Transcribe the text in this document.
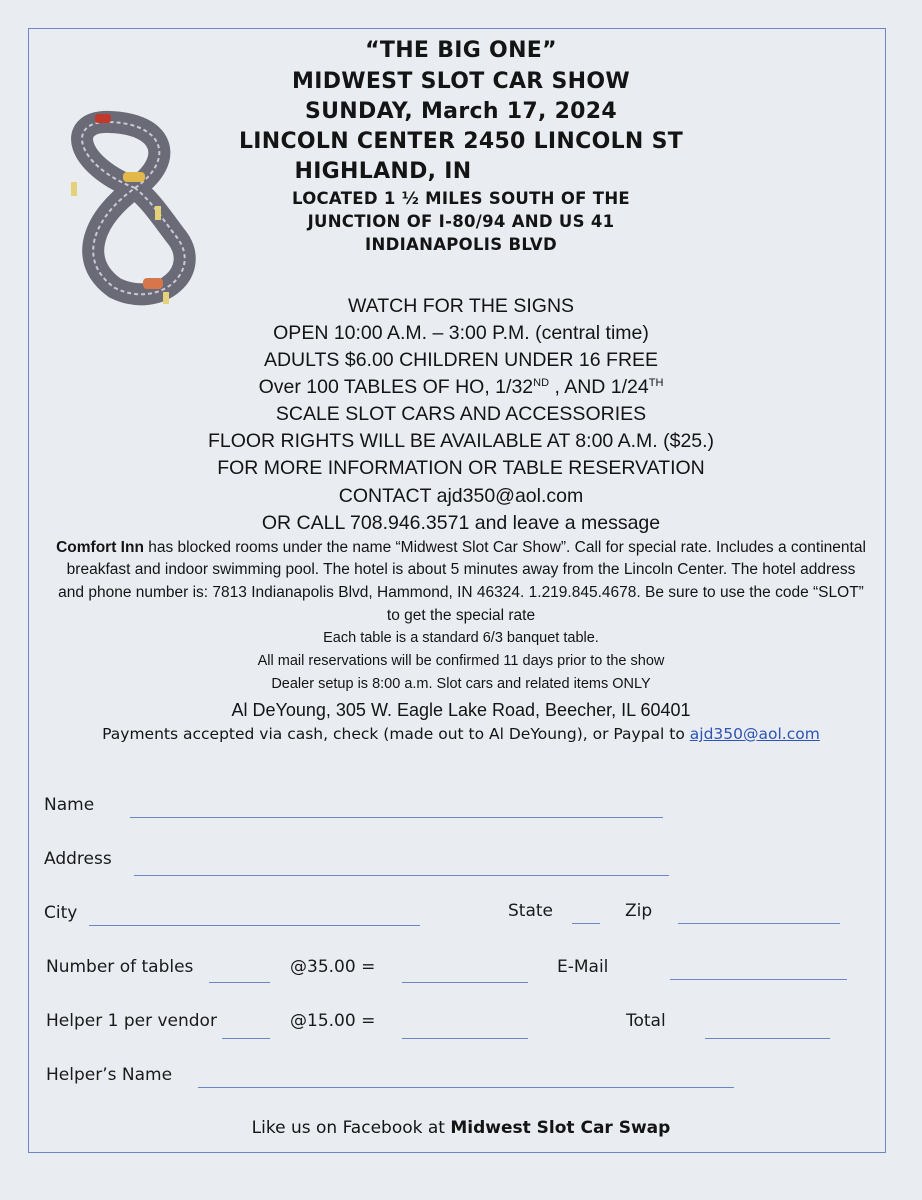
“THE BIG ONE”
MIDWEST SLOT CAR SHOW
SUNDAY, March 17, 2024
LINCOLN CENTER 2450 LINCOLN ST
HIGHLAND, IN
LOCATED 1 ½ MILES SOUTH OF THE
JUNCTION OF I-80/94 AND US 41
INDIANAPOLIS BLVD
WATCH FOR THE SIGNS
OPEN 10:00 A.M. – 3:00 P.M. (central time)
ADULTS $6.00 CHILDREN UNDER 16 FREE
Over 100 TABLES OF HO, 1/32ND , AND 1/24TH
SCALE SLOT CARS AND ACCESSORIES
FLOOR RIGHTS WILL BE AVAILABLE AT 8:00 A.M. ($25.)
FOR MORE INFORMATION OR TABLE RESERVATION
CONTACT ajd350@aol.com
OR CALL 708.946.3571 and leave a message
Comfort Inn has blocked rooms under the name “Midwest Slot Car Show”. Call for special rate. Includes a continental
breakfast and indoor swimming pool. The hotel is about 5 minutes away from the Lincoln Center. The hotel address
and phone number is: 7813 Indianapolis Blvd, Hammond, IN 46324. 1.219.845.4678. Be sure to use the code “SLOT”
to get the special rate
Each table is a standard 6/3 banquet table.
All mail reservations will be confirmed 11 days prior to the show
Dealer setup is 8:00 a.m. Slot cars and related items ONLY
Al DeYoung, 305 W. Eagle Lake Road, Beecher, IL 60401
Payments accepted via cash, check (made out to Al DeYoung), or Paypal to ajd350@aol.com
Name
Address
City	State	Zip
Number of tables	@35.00 =	E-Mail
Helper 1 per vendor	@15.00 =	Total
Helper’s Name
Like us on Facebook at Midwest Slot Car Swap
